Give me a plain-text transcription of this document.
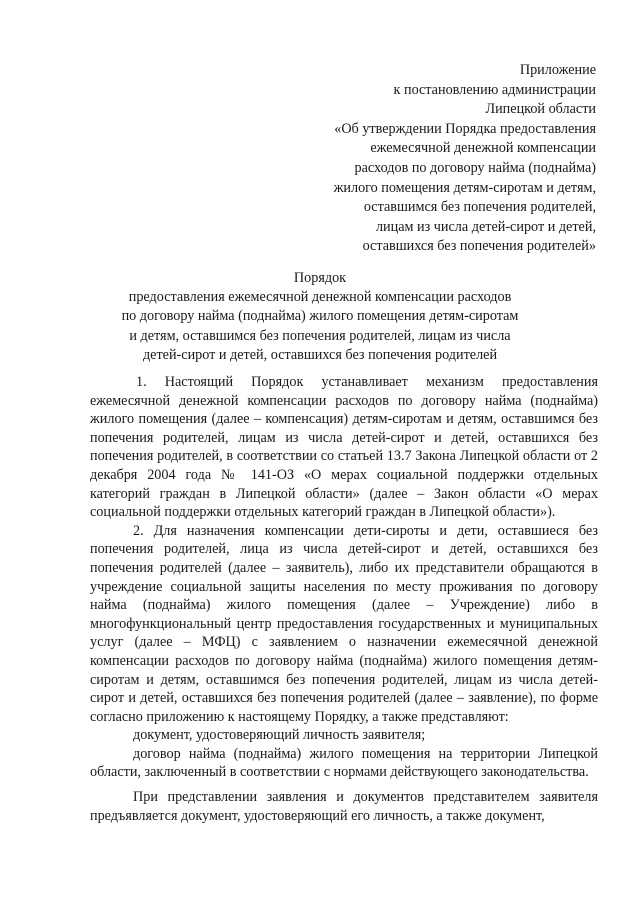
Приложение
к постановлению администрации
Липецкой области
«Об утверждении Порядка предоставления
ежемесячной денежной компенсации
расходов по договору найма (поднайма)
жилого помещения детям-сиротам и детям,
оставшимся без попечения родителей,
лицам из числа детей-сирот и детей,
оставшихся без попечения родителей»
Порядок
предоставления ежемесячной денежной компенсации расходов
по договору найма (поднайма) жилого помещения детям-сиротам
и детям, оставшимся без попечения родителей, лицам из числа
детей-сирот и детей, оставшихся без попечения родителей

1. Настоящий Порядок устанавливает механизм предоставления ежемесячной денежной компенсации расходов по договору найма (поднайма) жилого помещения (далее – компенсация) детям-сиротам и детям, оставшимся без попечения родителей, лицам из числа детей-сирот и детей, оставшихся без попечения родителей, в соответствии со статьей 13.7 Закона Липецкой области от 2 декабря 2004 года № 141-ОЗ «О мерах социальной поддержки отдельных категорий граждан в Липецкой области» (далее – Закон области «О мерах социальной поддержки отдельных категорий граждан в Липецкой области»).

2. Для назначения компенсации дети-сироты и дети, оставшиеся без попечения родителей, лица из числа детей-сирот и детей, оставшихся без попечения родителей (далее – заявитель), либо их представители обращаются в учреждение социальной защиты населения по месту проживания по договору найма (поднайма) жилого помещения (далее – Учреждение) либо в многофункциональный центр предоставления государственных и муниципальных услуг (далее – МФЦ) с заявлением о назначении ежемесячной денежной компенсации расходов по договору найма (поднайма) жилого помещения детям-сиротам и детям, оставшимся без попечения родителей, лицам из числа детей-сирот и детей, оставшихся без попечения родителей (далее – заявление), по форме согласно приложению к настоящему Порядку, а также представляют:

документ, удостоверяющий личность заявителя;

договор найма (поднайма) жилого помещения на территории Липецкой области, заключенный в соответствии с нормами действующего законодательства.

При представлении заявления и документов представителем заявителя предъявляется документ, удостоверяющий его личность, а также документ,
